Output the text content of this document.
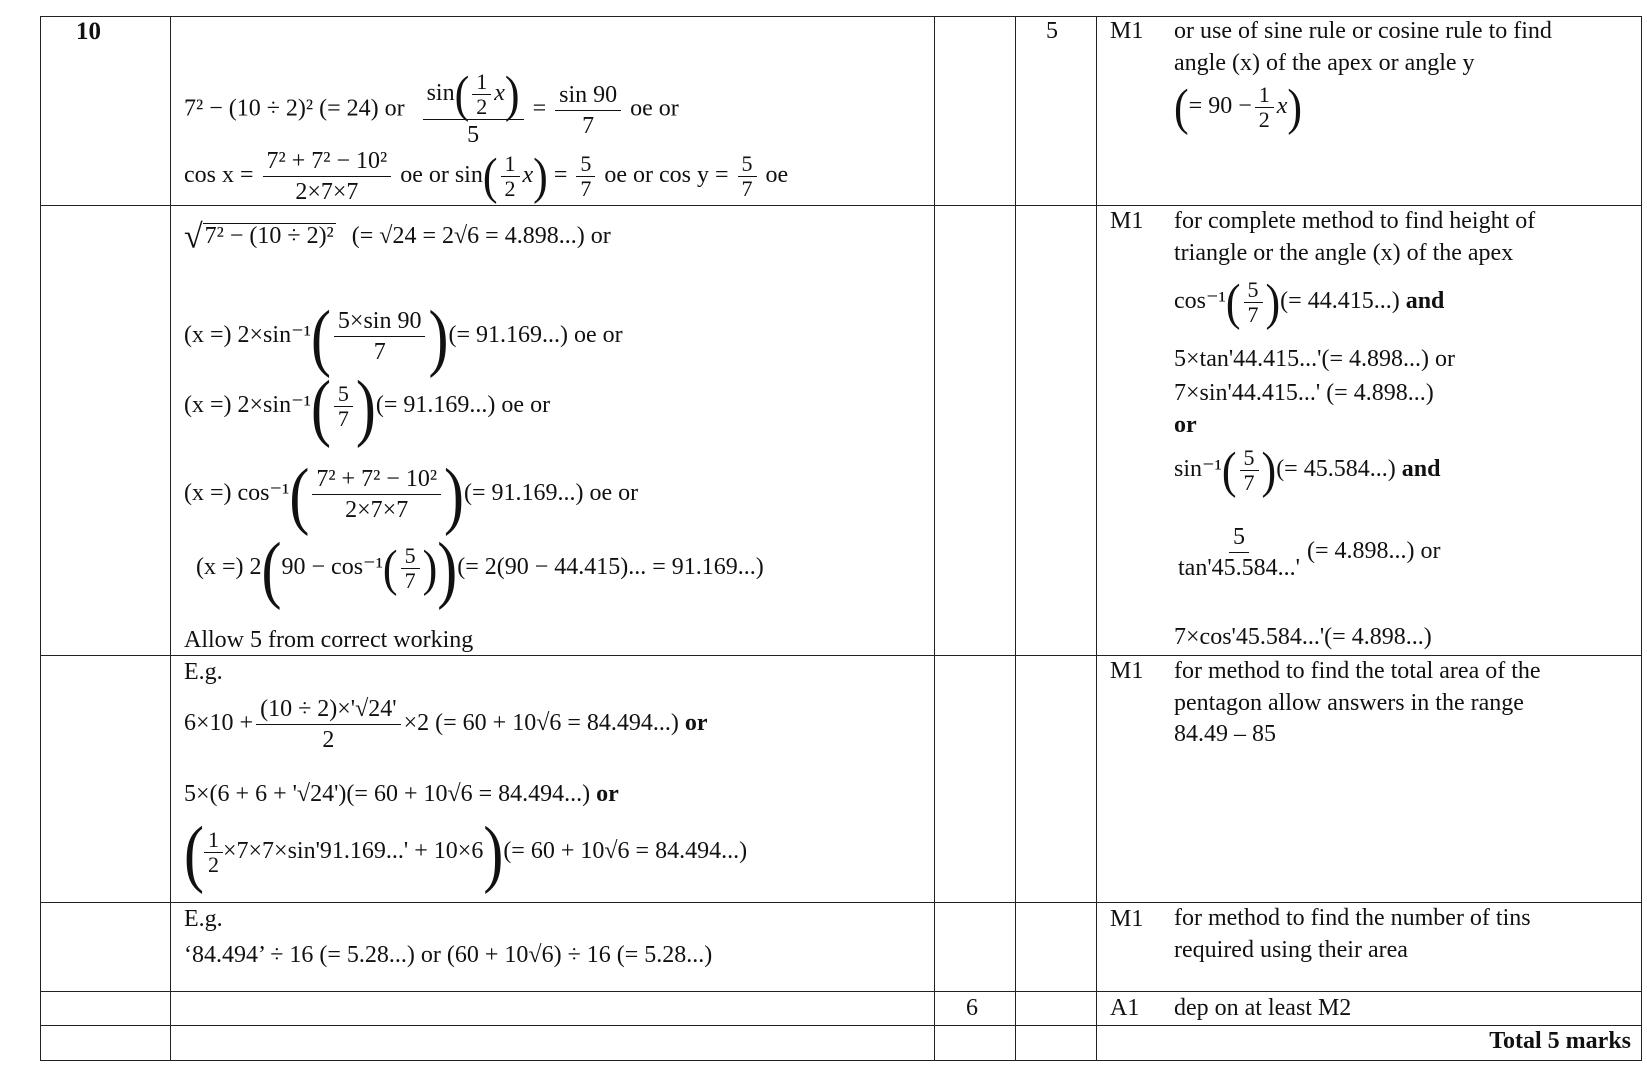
10
7² − (10 ÷ 2)² (= 24) or $\frac{\sin( \frac{1}{2} x)}{5} = \frac{\sin 90}{7}$ oe or
$\cos x = \frac{\text{7² + 7² − 10²}}{2\times 7\times 7}$ oe or $\sin( \frac{1}{2} x) = \frac{5}{7}$ oe or $\cos y = \frac{5}{7}$ oe
5 M1 or use of sine rule or cosine rule to find
angle (x) of the apex or angle y
(= $90 - \frac{1}{2} x$)
√7² − (10 ÷ 2)² (= √24 = 2√6 = 4.898...) or
(x =) $2\times\sin^{-1}( \frac{5\times\sin 90}{7}$ )(= 91.169...) oe or
(x =) $2\times\sin^{-1}( \frac{5}{7}$ )(= 91.169...) oe or
(x =) $\cos^{-1}( \frac{\text{7² + 7² − 10²}}{2\times 7\times 7}$ )(= 91.169...) oe or
(x =) $2(90 - \cos^{-1}( \frac{5}{7}$ ))(= 2(90 − 44.415)... = 91.169...)
Allow 5 from correct working
M1 for complete method to find height of
triangle or the angle (x) of the apex
$\cos^{-1}( \frac{5}{7}$ )(= 44.415...) and
5×tan'44.415...'(= 4.898...) or
7×sin'44.415...' (= 4.898...)
or
$\sin^{-1}( \frac{5}{7}$ )(= 45.584...) and
$\frac{5}{\tan'45.584...'}$ (= 4.898...) or
7×cos'45.584...'(= 4.898...)
E.g.
$6\times 10 + \frac{(10 \div 2)\times'√24'}{2} \times 2$ (= 60 + 10√6 = 84.494...) or
5×(6 + 6 + '√24')(= 60 + 10√6 = 84.494...) or
( $\frac{1}{2} \times 7\times 7\times\sin'91.169...' + 10\times 6)(= 60 + 10√6 = 84.494...)$
M1 for method to find the total area of the
pentagon allow answers in the range
84.49 – 85
E.g.
‘84.494’ ÷ 16 (= 5.28...) or (60 + 10√6) ÷ 16 (= 5.28...)
M1 for method to find the number of tins
required using their area
6	A1 dep on at least M2
Total 5 marks
